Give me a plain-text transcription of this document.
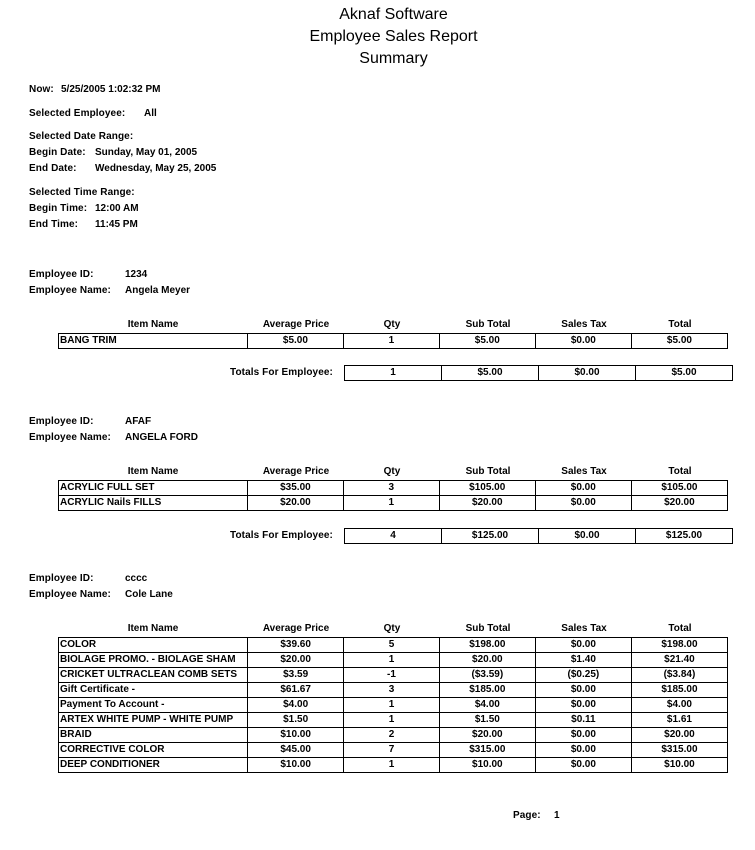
Aknaf Software
Employee Sales Report
Summary
Now: 5/25/2005 1:02:32 PM
Selected Employee: All
Selected Date Range:
Begin Date: Sunday, May 01, 2005
End Date: Wednesday, May 25, 2005
Selected Time Range:
Begin Time: 12:00 AM
End Time: 11:45 PM
Employee ID:	1234
Employee Name: Angela Meyer
Item Name	Average Price	Qty	Sub Total	Sales Tax	Total
BANG TRIM	$5.00	1	$5.00	$0.00	$5.00
Totals For Employee:	1	$5.00	$0.00	$5.00
Employee ID:	AFAF
Employee Name: ANGELA FORD
Item Name	Average Price	Qty	Sub Total	Sales Tax	Total
ACRYLIC FULL SET	$35.00	3	$105.00	$0.00	$105.00
ACRYLIC Nails FILLS	$20.00	1	$20.00	$0.00	$20.00
Totals For Employee:	4	$125.00	$0.00	$125.00
Employee ID:	cccc
Employee Name: Cole Lane
Item Name	Average Price	Qty	Sub Total	Sales Tax	Total
COLOR	$39.60	5	$198.00	$0.00	$198.00
BIOLAGE PROMO. - BIOLAGE SHAM	$20.00	1	$20.00	$1.40	$21.40
CRICKET ULTRACLEAN COMB SETS	$3.59	-1	($3.59)	($0.25)	($3.84)
Gift Certificate -	$61.67	3	$185.00	$0.00	$185.00
Payment To Account -	$4.00	1	$4.00	$0.00	$4.00
ARTEX WHITE PUMP - WHITE PUMP	$1.50	1	$1.50	$0.11	$1.61
BRAID	$10.00	2	$20.00	$0.00	$20.00
CORRECTIVE COLOR	$45.00	7	$315.00	$0.00	$315.00
DEEP CONDITIONER	$10.00	1	$10.00	$0.00	$10.00
Page: 1
